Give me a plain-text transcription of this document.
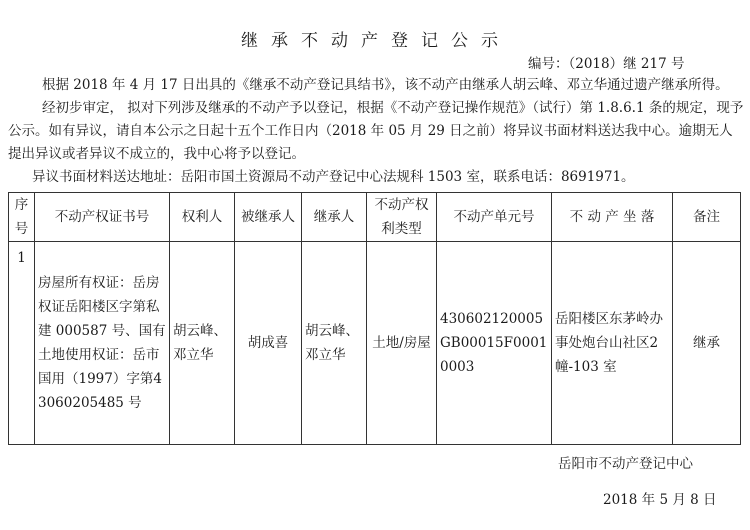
继承不动产登记公示
编号：（2018）继 217 号

根据 2018 年 4 月 17 日出具的《继承不动产登记具结书》，该不动产由继承人胡云峰、邓立华通过遗产继承所得。

经初步审定， 拟对下列涉及继承的不动产予以登记，根据《不动产登记操作规范》（试行）第 1.8.6.1 条的规定，现予公示。如有异议，请自本公示之日起十五个工作日内（2018 年 05 月 29 日之前）将异议书面材料送达我中心。逾期无人提出异议或者异议不成立的，我中心将予以登记。

异议书面材料送达地址：岳阳市国土资源局不动产登记中心法规科 1503 室，联系电话：8691971。

序号	不动产权证书号	权利人	被继承人	继承人	不动产权利类型	不动产单元号	不 动 产 坐 落	备注
1	房屋所有权证：岳房权证岳阳楼区字第私建 000587 号、国有土地使用权证：岳市国用（1997）字第43060205485 号	胡云峰、邓立华	胡成喜	胡云峰、邓立华	土地/房屋	430602120005GB00015F00010003	岳阳楼区东茅岭办事处炮台山社区2幢-103 室	继承
岳阳市不动产登记中心
2018 年 5 月 8 日
